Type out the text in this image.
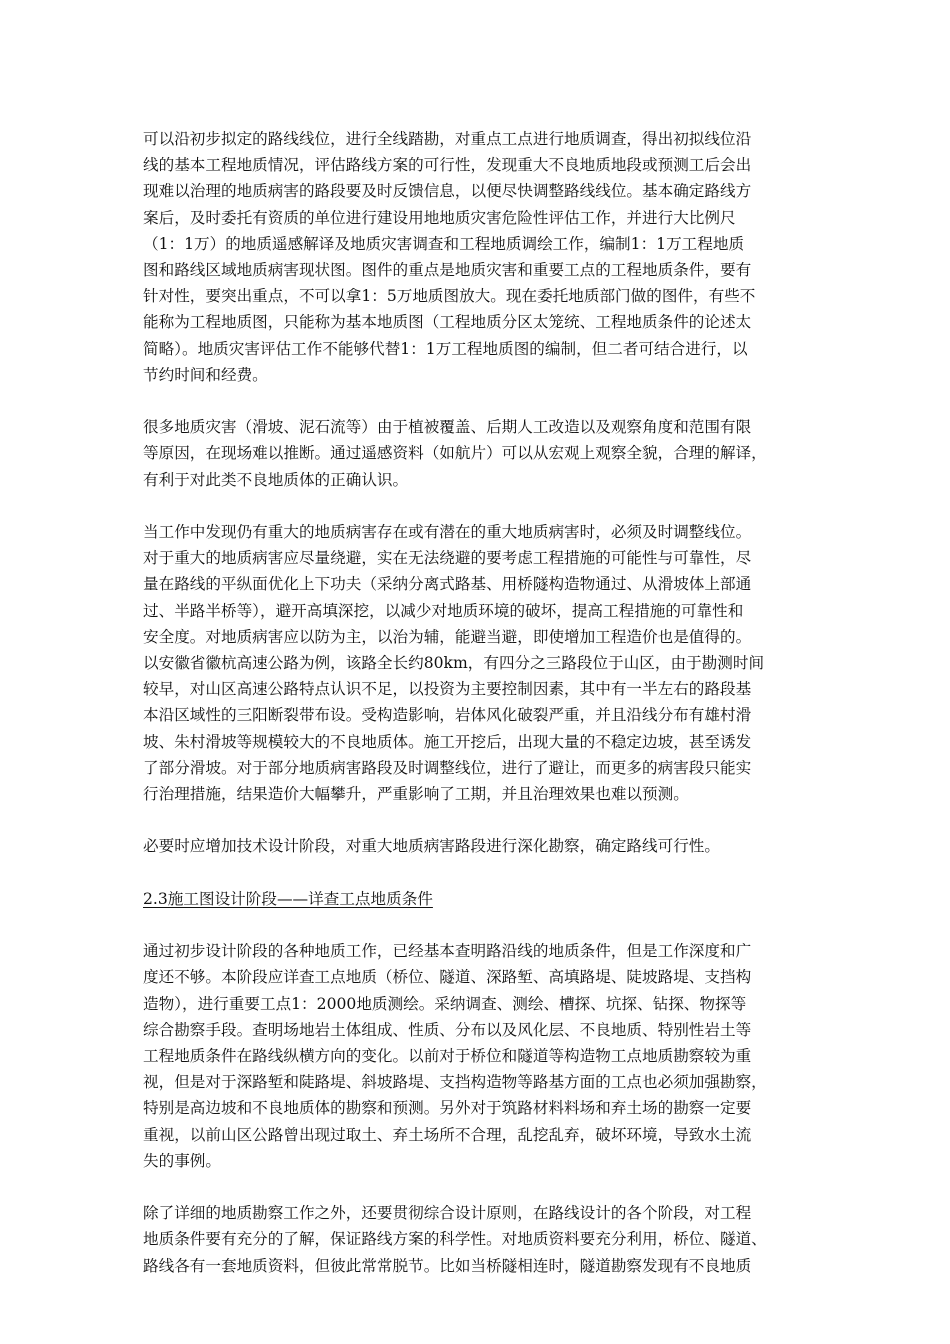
可以沿初步拟定的路线线位，进行全线踏勘，对重点工点进行地质调查，得出初拟线位沿
线的基本工程地质情况，评估路线方案的可行性，发现重大不良地质地段或预测工后会出
现难以治理的地质病害的路段要及时反馈信息，以便尽快调整路线线位。基本确定路线方
案后，及时委托有资质的单位进行建设用地地质灾害危险性评估工作，并进行大比例尺
（1：1万）的地质遥感解译及地质灾害调查和工程地质调绘工作，编制1：1万工程地质
图和路线区域地质病害现状图。图件的重点是地质灾害和重要工点的工程地质条件，要有
针对性，要突出重点，不可以拿1：5万地质图放大。现在委托地质部门做的图件，有些不
能称为工程地质图，只能称为基本地质图（工程地质分区太笼统、工程地质条件的论述太
简略）。地质灾害评估工作不能够代替1：1万工程地质图的编制，但二者可结合进行，以
节约时间和经费。

很多地质灾害（滑坡、泥石流等）由于植被覆盖、后期人工改造以及观察角度和范围有限
等原因，在现场难以推断。通过遥感资料（如航片）可以从宏观上观察全貌，合理的解译，
有利于对此类不良地质体的正确认识。

当工作中发现仍有重大的地质病害存在或有潜在的重大地质病害时，必须及时调整线位。
对于重大的地质病害应尽量绕避，实在无法绕避的要考虑工程措施的可能性与可靠性，尽
量在路线的平纵面优化上下功夫（采纳分离式路基、用桥隧构造物通过、从滑坡体上部通
过、半路半桥等），避开高填深挖，以减少对地质环境的破坏，提高工程措施的可靠性和
安全度。对地质病害应以防为主，以治为辅，能避当避，即使增加工程造价也是值得的。
以安徽省徽杭高速公路为例，该路全长约80km，有四分之三路段位于山区，由于勘测时间
较早，对山区高速公路特点认识不足，以投资为主要控制因素，其中有一半左右的路段基
本沿区域性的三阳断裂带布设。受构造影响，岩体风化破裂严重，并且沿线分布有雄村滑
坡、朱村滑坡等规模较大的不良地质体。施工开挖后，出现大量的不稳定边坡，甚至诱发
了部分滑坡。对于部分地质病害路段及时调整线位，进行了避让，而更多的病害段只能实
行治理措施，结果造价大幅攀升，严重影响了工期，并且治理效果也难以预测。

必要时应增加技术设计阶段，对重大地质病害路段进行深化勘察，确定路线可行性。

2.3施工图设计阶段——详查工点地质条件

通过初步设计阶段的各种地质工作，已经基本查明路沿线的地质条件，但是工作深度和广
度还不够。本阶段应详查工点地质（桥位、隧道、深路堑、高填路堤、陡坡路堤、支挡构
造物），进行重要工点1：2000地质测绘。采纳调查、测绘、槽探、坑探、钻探、物探等
综合勘察手段。查明场地岩土体组成、性质、分布以及风化层、不良地质、特别性岩土等
工程地质条件在路线纵横方向的变化。以前对于桥位和隧道等构造物工点地质勘察较为重
视，但是对于深路堑和陡路堤、斜坡路堤、支挡构造物等路基方面的工点也必须加强勘察，
特别是高边坡和不良地质体的勘察和预测。另外对于筑路材料料场和弃土场的勘察一定要
重视，以前山区公路曾出现过取土、弃土场所不合理，乱挖乱弃，破坏环境，导致水土流
失的事例。

除了详细的地质勘察工作之外，还要贯彻综合设计原则，在路线设计的各个阶段，对工程
地质条件要有充分的了解，保证路线方案的科学性。对地质资料要充分利用，桥位、隧道、
路线各有一套地质资料，但彼此常常脱节。比如当桥隧相连时，隧道勘察发现有不良地质
